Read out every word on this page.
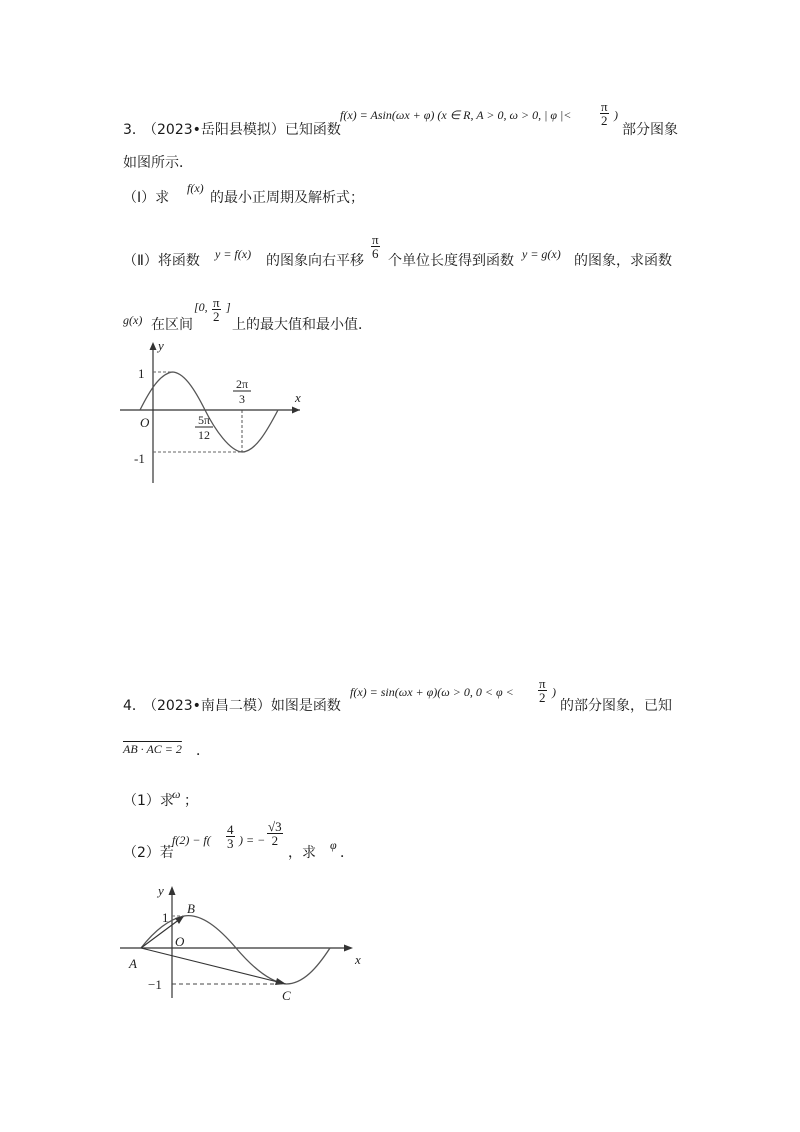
3．
（2023•岳阳县模拟）已知函数
f(x) = Asin(ωx + φ) (x ∈ R, A > 0, ω > 0, | φ |<
π
2 )
部分图象
如图所示．
（Ⅰ）求
f(x)
的最小正周期及解析式；
（Ⅱ）将函数 y = f(x) 的图象向右平移
π
6 个单位长度得到函数 y = g(x) 的图象，求函数
g(x) 在区间
[0, π
2
]
上的最大值和最小值．
x
y
O
1
-1
5π
12
2π
3
4．
（2023•南昌二模）如图是函数
f(x) = sin(ωx + φ)(ω > 0, 0 < φ <
π
2 )
的部分图象，已知
AB · AC = 2 ．
（1）求
ω ；
（2）若
f(2) − f(
4
3 ) = −
√3
2
，求 φ ．
x
y
O
1
−1
A
B
C
